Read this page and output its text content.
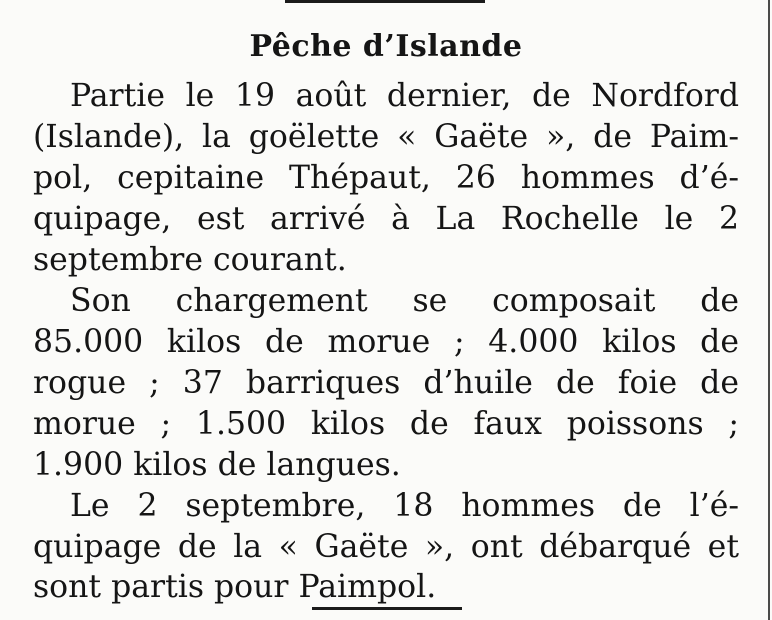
Pêche d’Islande
Partie le 19 août dernier, de Nordford
(Islande), la goëlette « Gaëte », de Paim-
pol, cepitaine Thépaut, 26 hommes d’é-
quipage, est arrivé à La Rochelle le 2
septembre courant.
Son chargement se composait de
85.000 kilos de morue ; 4.000 kilos de
rogue ; 37 barriques d’huile de foie de
morue ; 1.500 kilos de faux poissons ;
1.900 kilos de langues.
Le 2 septembre, 18 hommes de l’é-
quipage de la « Gaëte », ont débarqué et
sont partis pour Paimpol.
